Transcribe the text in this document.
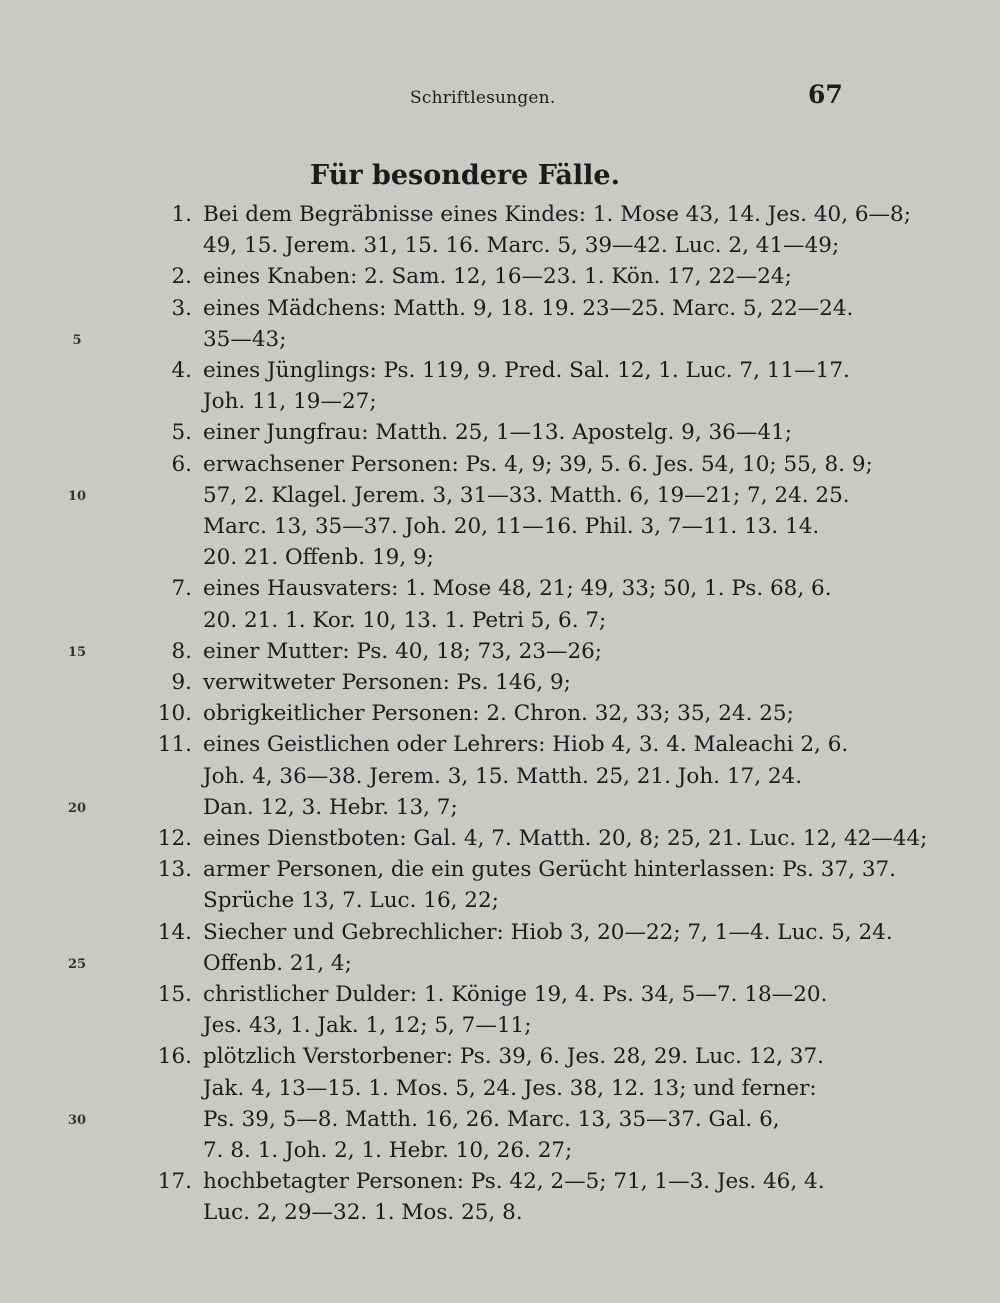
Schriftlesungen.	67
Für besondere Fälle.
1. Bei dem Begräbnisse eines Kindes: 1. Mose 43, 14. Jes. 40, 6—8;
49, 15. Jerem. 31, 15. 16. Marc. 5, 39—42. Luc. 2, 41—49;
2. eines Knaben: 2. Sam. 12, 16—23. 1. Kön. 17, 22—24;
3. eines Mädchens: Matth. 9, 18. 19. 23—25. Marc. 5, 22—24.
35—43;
4. eines Jünglings: Ps. 119, 9. Pred. Sal. 12, 1. Luc. 7, 11—17.
Joh. 11, 19—27;
5. einer Jungfrau: Matth. 25, 1—13. Apostelg. 9, 36—41;
6. erwachsener Personen: Ps. 4, 9; 39, 5. 6. Jes. 54, 10; 55, 8. 9;
57, 2. Klagel. Jerem. 3, 31—33. Matth. 6, 19—21; 7, 24. 25.
Marc. 13, 35—37. Joh. 20, 11—16. Phil. 3, 7—11. 13. 14.
20. 21. Offenb. 19, 9;
7. eines Hausvaters: 1. Mose 48, 21; 49, 33; 50, 1. Ps. 68, 6.
20. 21. 1. Kor. 10, 13. 1. Petri 5, 6. 7;
8. einer Mutter: Ps. 40, 18; 73, 23—26;
9. verwitweter Personen: Ps. 146, 9;
10. obrigkeitlicher Personen: 2. Chron. 32, 33; 35, 24. 25;
11. eines Geistlichen oder Lehrers: Hiob 4, 3. 4. Maleachi 2, 6.
Joh. 4, 36—38. Jerem. 3, 15. Matth. 25, 21. Joh. 17, 24.
Dan. 12, 3. Hebr. 13, 7;
12. eines Dienstboten: Gal. 4, 7. Matth. 20, 8; 25, 21. Luc. 12, 42—44;
13. armer Personen, die ein gutes Gerücht hinterlassen: Ps. 37, 37.
Sprüche 13, 7. Luc. 16, 22;
14. Siecher und Gebrechlicher: Hiob 3, 20—22; 7, 1—4. Luc. 5, 24.
Offenb. 21, 4;
15. christlicher Dulder: 1. Könige 19, 4. Ps. 34, 5—7. 18—20.
Jes. 43, 1. Jak. 1, 12; 5, 7—11;
16. plötzlich Verstorbener: Ps. 39, 6. Jes. 28, 29. Luc. 12, 37.
Jak. 4, 13—15. 1. Mos. 5, 24. Jes. 38, 12. 13; und ferner:
Ps. 39, 5—8. Matth. 16, 26. Marc. 13, 35—37. Gal. 6,
7. 8. 1. Joh. 2, 1. Hebr. 10, 26. 27;
17. hochbetagter Personen: Ps. 42, 2—5; 71, 1—3. Jes. 46, 4.
Luc. 2, 29—32. 1. Mos. 25, 8.
5
10
15
20
25
30
